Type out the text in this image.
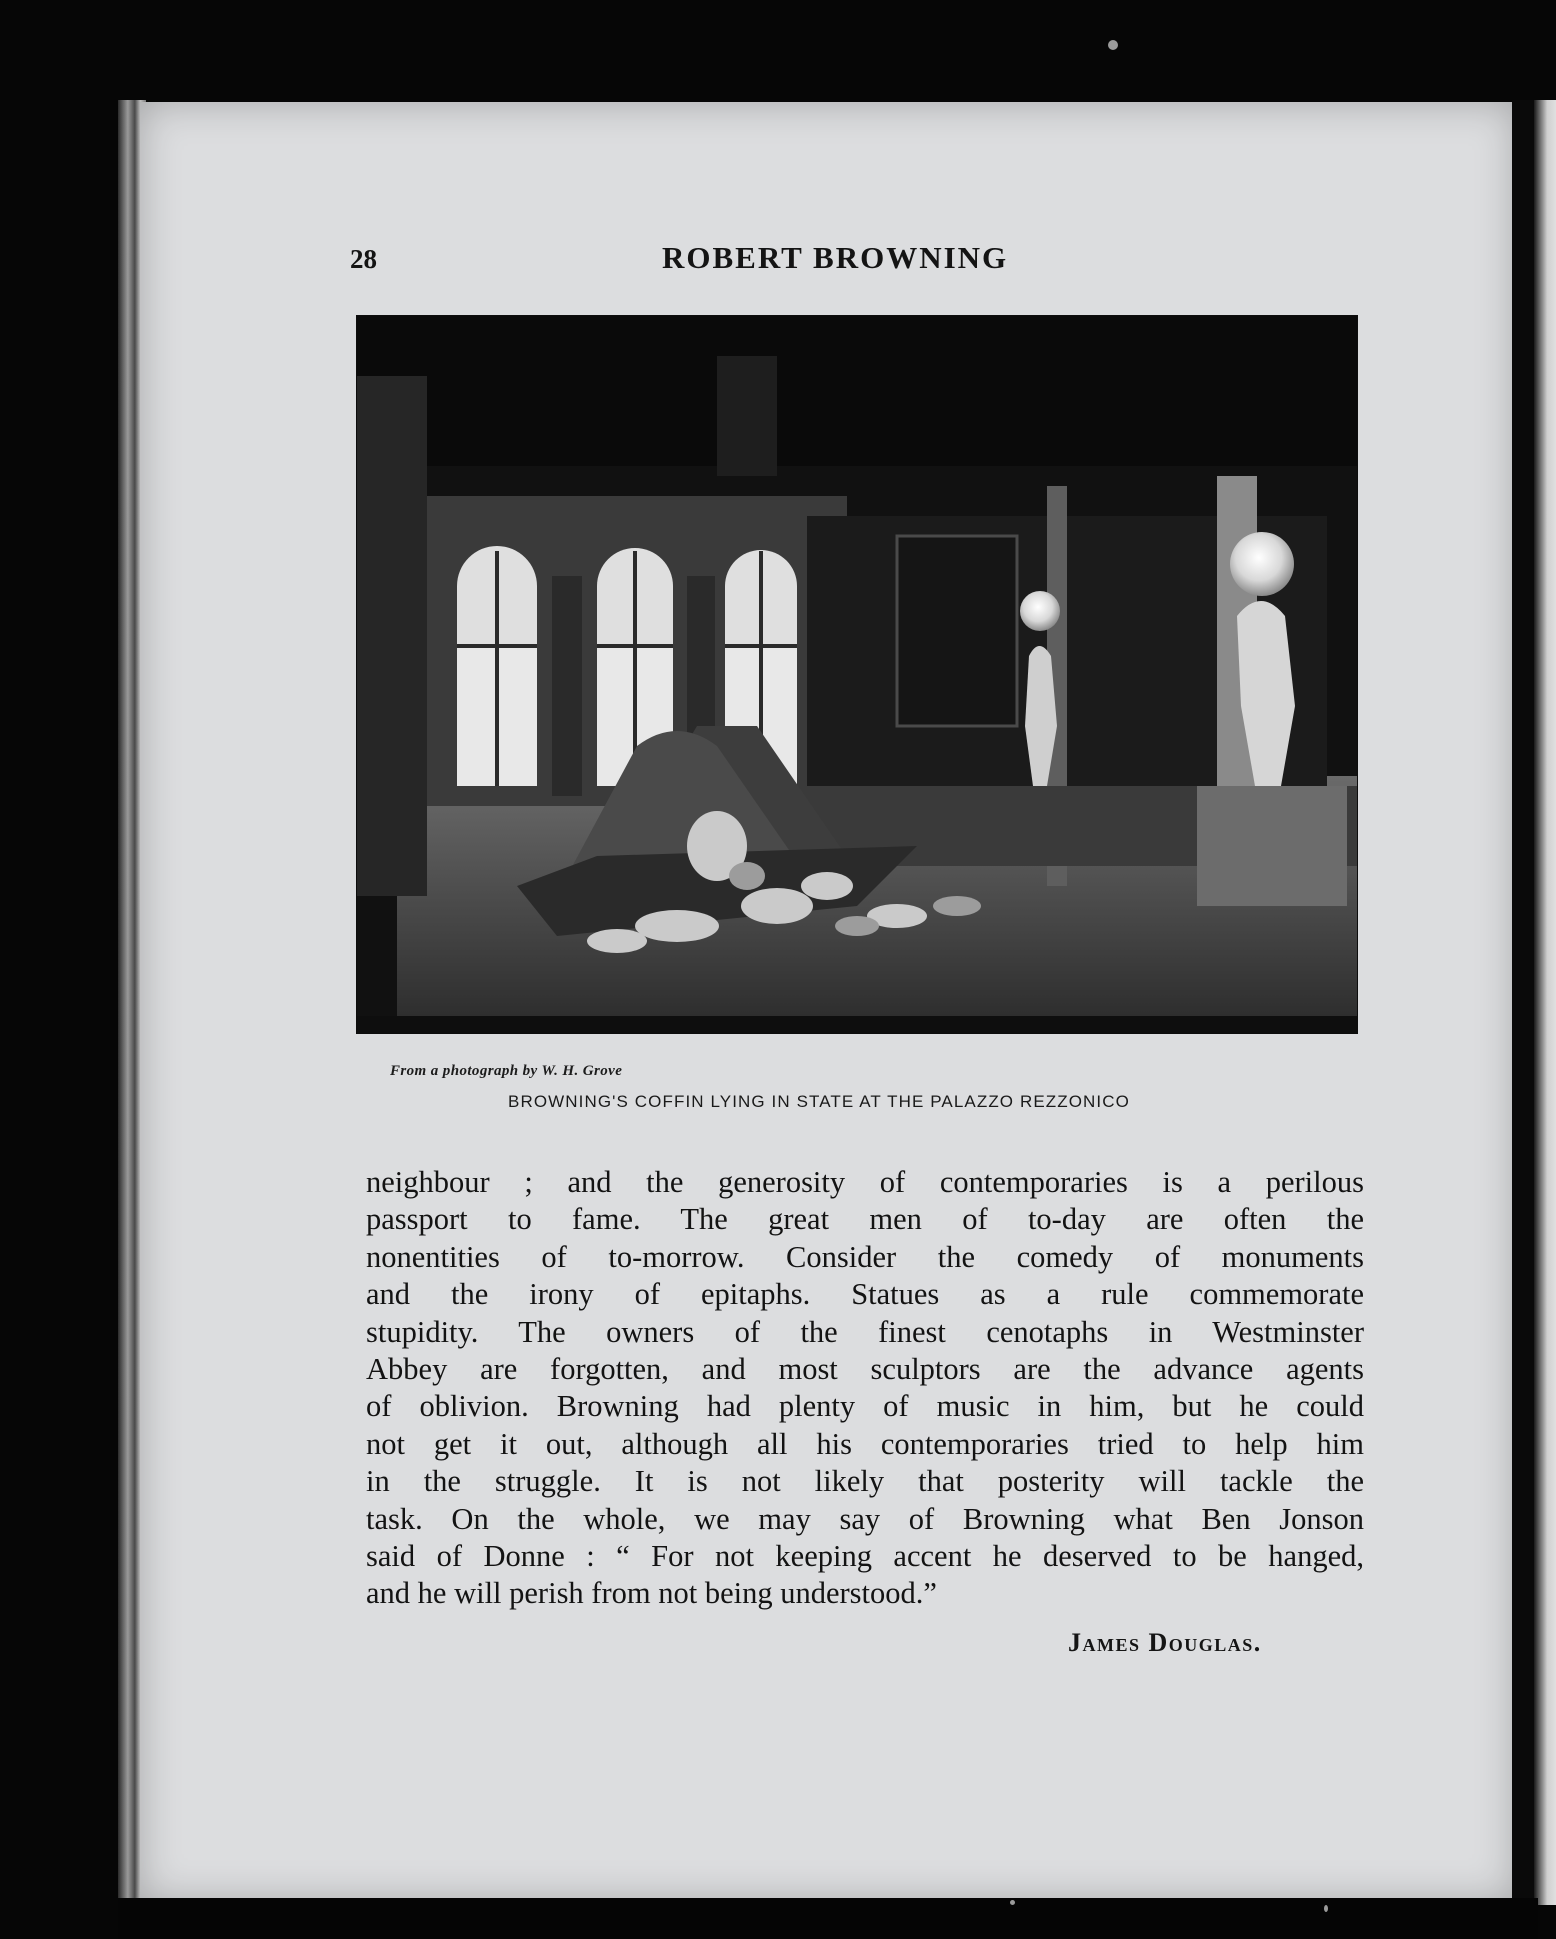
28	ROBERT BROWNING
From a photograph by W. H. Grove
BROWNING'S COFFIN LYING IN STATE AT THE PALAZZO REZZONICO
neighbour ; and the generosity of contemporaries is a perilous
passport to fame. The great men of to-day are often the
nonentities of to-morrow. Consider the comedy of monuments
and the irony of epitaphs. Statues as a rule commemorate
stupidity. The owners of the finest cenotaphs in Westminster
Abbey are forgotten, and most sculptors are the advance agents
of oblivion. Browning had plenty of music in him, but he could
not get it out, although all his contemporaries tried to help him
in the struggle. It is not likely that posterity will tackle the
task. On the whole, we may say of Browning what Ben Jonson
said of Donne : “ For not keeping accent he deserved to be hanged,
and he will perish from not being understood.”
James Douglas.
